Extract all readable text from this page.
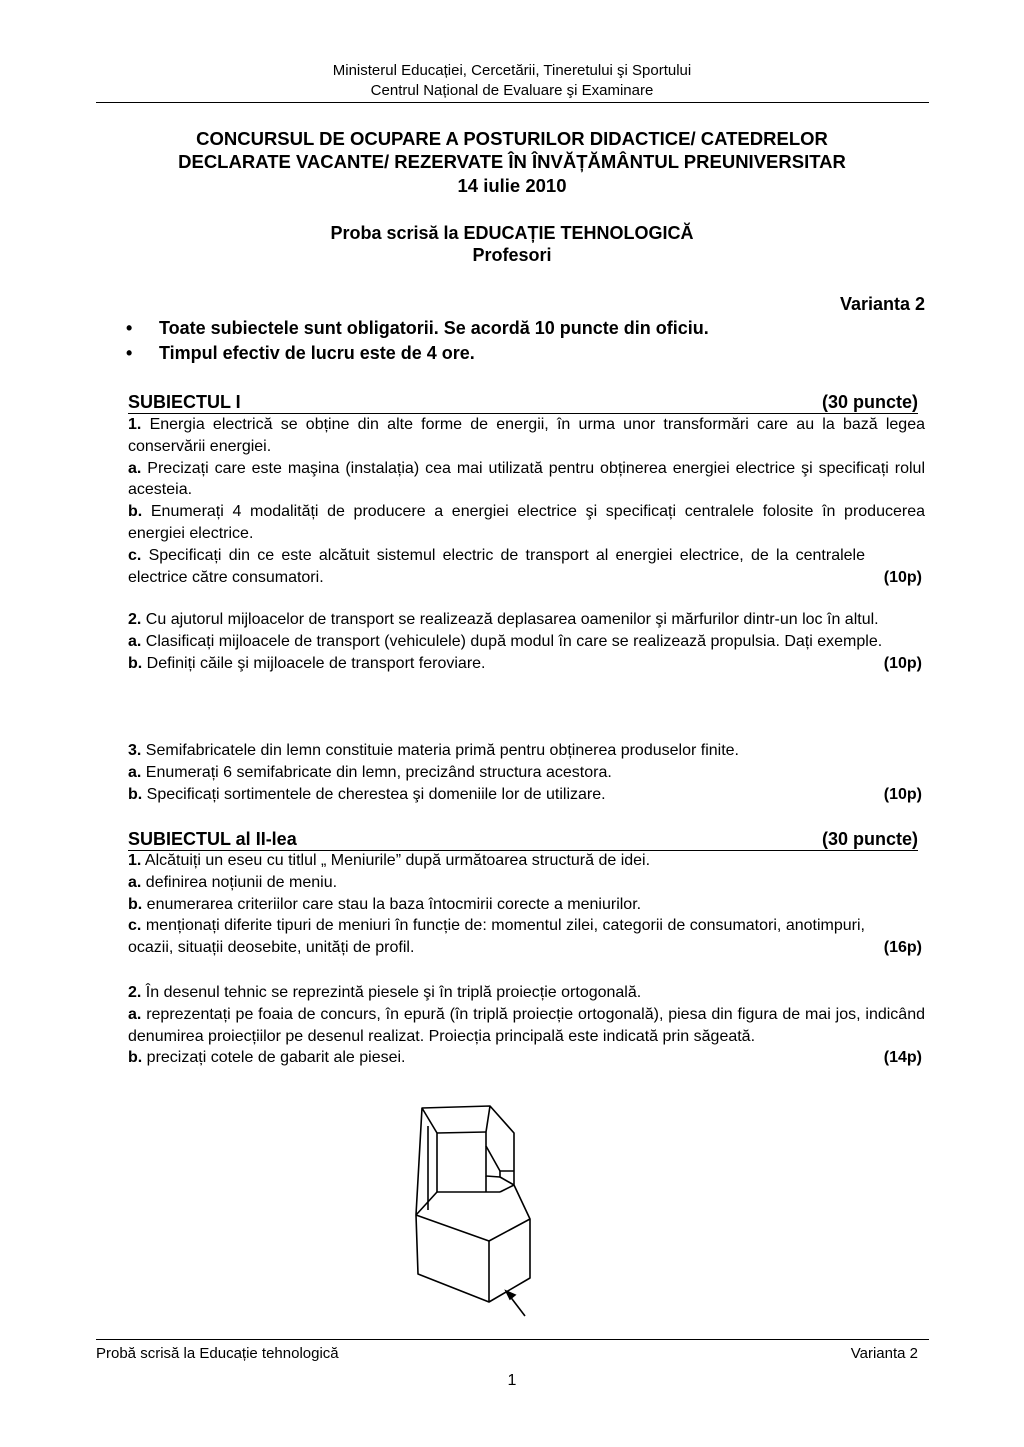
Ministerul Educației, Cercetării, Tineretului şi Sportului
Centrul Național de Evaluare şi Examinare
CONCURSUL DE OCUPARE A POSTURILOR DIDACTICE/ CATEDRELOR
DECLARATE VACANTE/ REZERVATE ÎN ÎNVĂȚĂMÂNTUL PREUNIVERSITAR
14 iulie 2010
Proba scrisă la EDUCAȚIE TEHNOLOGICĂ
Profesori
Varianta 2
• Toate subiectele sunt obligatorii. Se acordă 10 puncte din oficiu.
• Timpul efectiv de lucru este de 4 ore.
SUBIECTUL I	(30 puncte)
1. Energia electrică se obține din alte forme de energii, în urma unor transformări care au la bază legea conservării energiei.
a. Precizați care este maşina (instalația) cea mai utilizată pentru obținerea energiei electrice şi specificați rolul acesteia.
b. Enumerați 4 modalități de producere a energiei electrice şi specificați centralele folosite în producerea energiei electrice.
c. Specificați din ce este alcătuit sistemul electric de transport al energiei electrice, de la centralele electrice către consumatori.	(10p)
2. Cu ajutorul mijloacelor de transport se realizează deplasarea oamenilor şi mărfurilor dintr-un loc în altul.
a. Clasificați mijloacele de transport (vehiculele) după modul în care se realizează propulsia. Dați exemple.
b. Definiți căile şi mijloacele de transport feroviare.	(10p)
3. Semifabricatele din lemn constituie materia primă pentru obținerea produselor finite.
a. Enumerați 6 semifabricate din lemn, precizând structura acestora.
b. Specificați sortimentele de cherestea şi domeniile lor de utilizare.	(10p)
SUBIECTUL al II-lea	(30 puncte)
1. Alcătuiți un eseu cu titlul „ Meniurile” după următoarea structură de idei.
a. definirea noțiunii de meniu.
b. enumerarea criteriilor care stau la baza întocmirii corecte a meniurilor.
c. menționați diferite tipuri de meniuri în funcție de: momentul zilei, categorii de consumatori, anotimpuri, ocazii, situații deosebite, unități de profil.	(16p)
2. În desenul tehnic se reprezintă piesele şi în triplă proiecție ortogonală.
a. reprezentați pe foaia de concurs, în epură (în triplă proiecție ortogonală), piesa din figura de mai jos, indicând denumirea proiecțiilor pe desenul realizat. Proiecția principală este indicată prin săgeată.
b. precizați cotele de gabarit ale piesei.	(14p)
Probă scrisă la Educație tehnologică	Varianta 2
1
